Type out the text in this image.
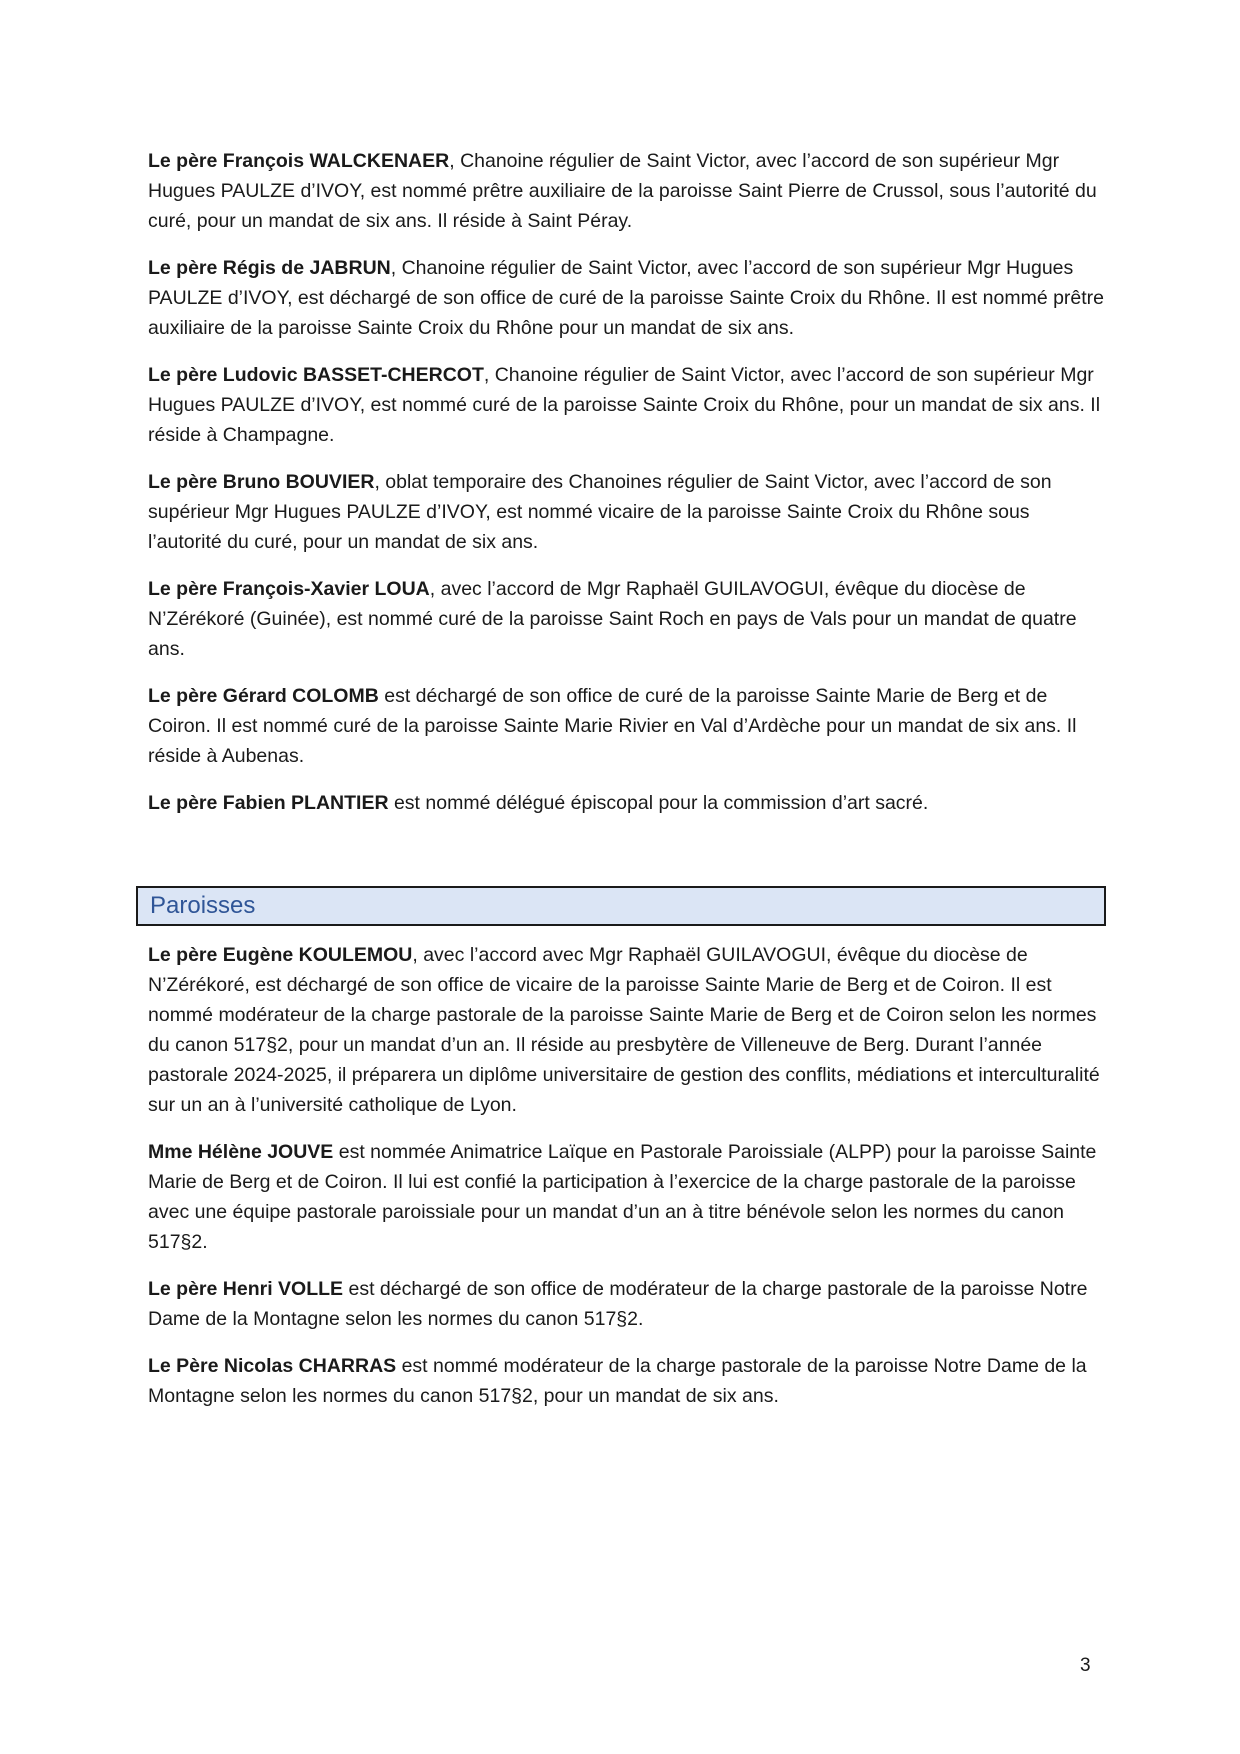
Le père François WALCKENAER, Chanoine régulier de Saint Victor, avec l’accord de son supérieur Mgr Hugues PAULZE d’IVOY, est nommé prêtre auxiliaire de la paroisse Saint Pierre de Crussol, sous l’autorité du curé, pour un mandat de six ans. Il réside à Saint Péray.

Le père Régis de JABRUN, Chanoine régulier de Saint Victor, avec l’accord de son supérieur Mgr Hugues PAULZE d’IVOY, est déchargé de son office de curé de la paroisse Sainte Croix du Rhône. Il est nommé prêtre auxiliaire de la paroisse Sainte Croix du Rhône pour un mandat de six ans.

Le père Ludovic BASSET-CHERCOT, Chanoine régulier de Saint Victor, avec l’accord de son supérieur Mgr Hugues PAULZE d’IVOY, est nommé curé de la paroisse Sainte Croix du Rhône, pour un mandat de six ans. Il réside à Champagne.

Le père Bruno BOUVIER, oblat temporaire des Chanoines régulier de Saint Victor, avec l’accord de son supérieur Mgr Hugues PAULZE d’IVOY, est nommé vicaire de la paroisse Sainte Croix du Rhône sous l’autorité du curé, pour un mandat de six ans.

Le père François-Xavier LOUA, avec l’accord de Mgr Raphaël GUILAVOGUI, évêque du diocèse de N’Zérékoré (Guinée), est nommé curé de la paroisse Saint Roch en pays de Vals pour un mandat de quatre ans.

Le père Gérard COLOMB est déchargé de son office de curé de la paroisse Sainte Marie de Berg et de Coiron. Il est nommé curé de la paroisse Sainte Marie Rivier en Val d’Ardèche pour un mandat de six ans. Il réside à Aubenas.

Le père Fabien PLANTIER est nommé délégué épiscopal pour la commission d’art sacré.

Paroisses

Le père Eugène KOULEMOU, avec l’accord avec Mgr Raphaël GUILAVOGUI, évêque du diocèse de N’Zérékoré, est déchargé de son office de vicaire de la paroisse Sainte Marie de Berg et de Coiron. Il est nommé modérateur de la charge pastorale de la paroisse Sainte Marie de Berg et de Coiron selon les normes du canon 517§2, pour un mandat d’un an. Il réside au presbytère de Villeneuve de Berg. Durant l’année pastorale 2024-2025, il préparera un diplôme universitaire de gestion des conflits, médiations et interculturalité sur un an à l’université catholique de Lyon.

Mme Hélène JOUVE est nommée Animatrice Laïque en Pastorale Paroissiale (ALPP) pour la paroisse Sainte Marie de Berg et de Coiron. Il lui est confié la participation à l’exercice de la charge pastorale de la paroisse avec une équipe pastorale paroissiale pour un mandat d’un an à titre bénévole selon les normes du canon 517§2.

Le père Henri VOLLE est déchargé de son office de modérateur de la charge pastorale de la paroisse Notre Dame de la Montagne selon les normes du canon 517§2.

Le Père Nicolas CHARRAS est nommé modérateur de la charge pastorale de la paroisse Notre Dame de la Montagne selon les normes du canon 517§2, pour un mandat de six ans.

3
